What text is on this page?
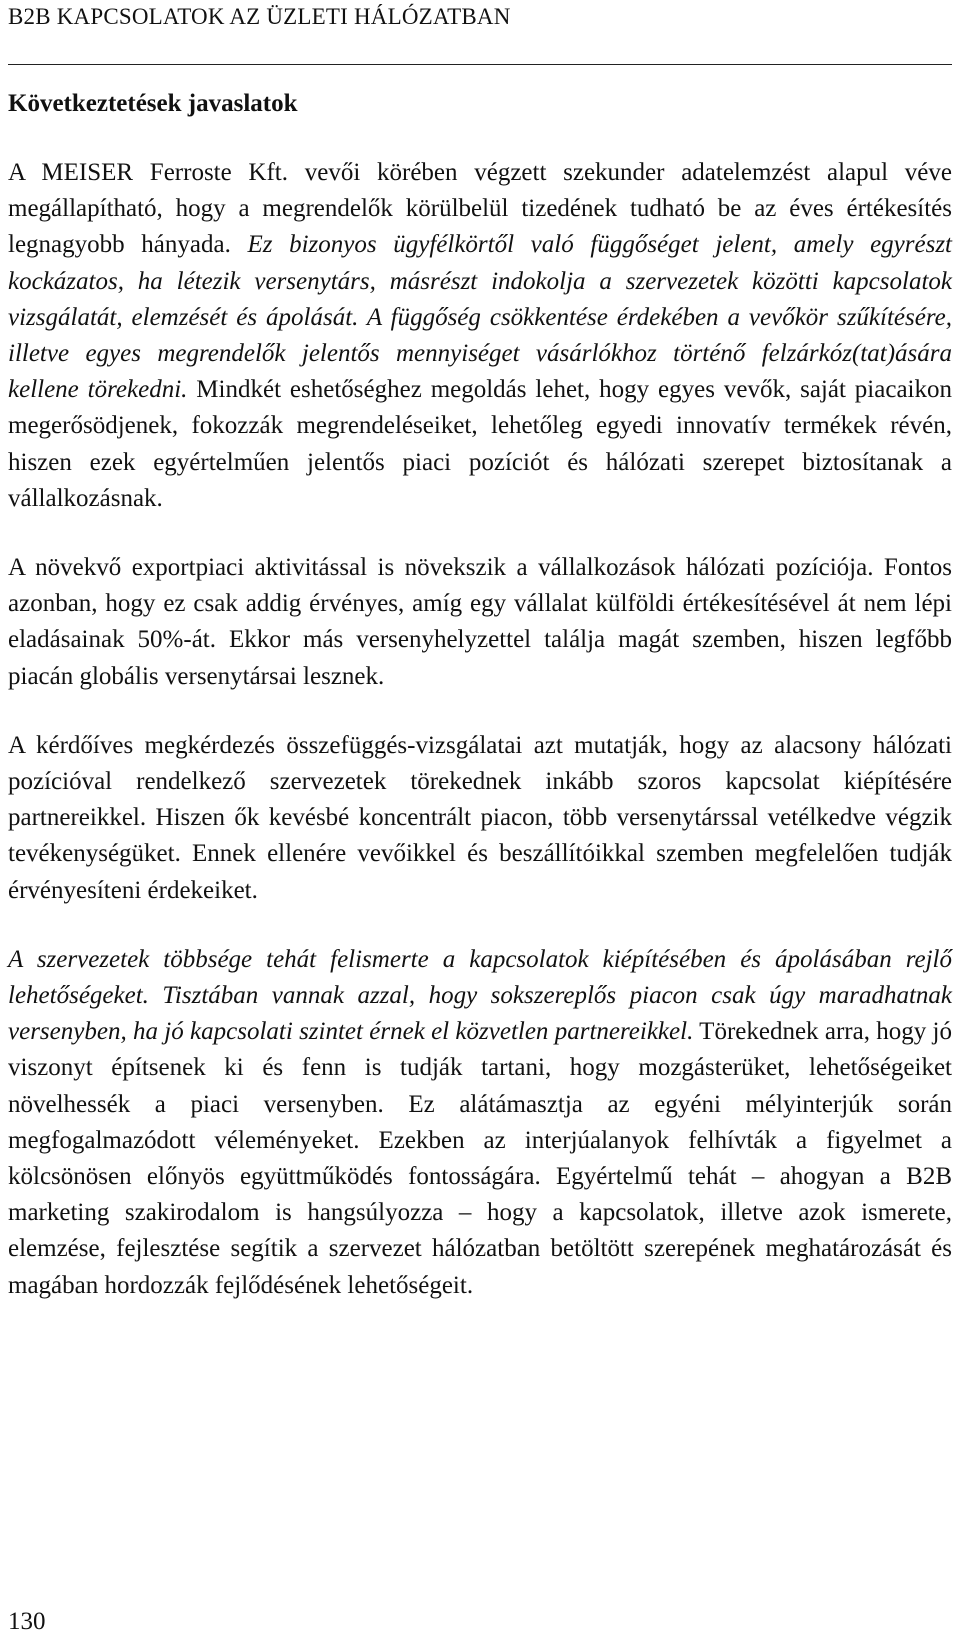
B2B KAPCSOLATOK AZ ÜZLETI HÁLÓZATBAN
Következtetések javaslatok

A MEISER Ferroste Kft. vevői körében végzett szekunder adatelemzést alapul véve megállapítható, hogy a megrendelők körülbelül tizedének tudható be az éves értékesítés legnagyobb hányada. Ez bizonyos ügyfélkörtől való függőséget jelent, amely egyrészt kockázatos, ha létezik versenytárs, másrészt indokolja a szervezetek közötti kapcsolatok vizsgálatát, elemzését és ápolását. A függőség csökkentése érdekében a vevőkör szűkítésére, illetve egyes megrendelők jelentős mennyiséget vásárlókhoz történő felzárkóz(tat)ására kellene törekedni. Mindkét eshetőséghez megoldás lehet, hogy egyes vevők, saját piacaikon megerősödjenek, fokozzák megrendeléseiket, lehetőleg egyedi innovatív termékek révén, hiszen ezek egyértelműen jelentős piaci pozíciót és hálózati szerepet biztosítanak a vállalkozásnak.

A növekvő exportpiaci aktivitással is növekszik a vállalkozások hálózati pozíciója. Fontos azonban, hogy ez csak addig érvényes, amíg egy vállalat külföldi értékesítésével át nem lépi eladásainak 50%-át. Ekkor más versenyhelyzettel találja magát szemben, hiszen legfőbb piacán globális versenytársai lesznek.

A kérdőíves megkérdezés összefüggés-vizsgálatai azt mutatják, hogy az alacsony hálózati pozícióval rendelkező szervezetek törekednek inkább szoros kapcsolat kiépítésére partnereikkel. Hiszen ők kevésbé koncentrált piacon, több versenytárssal vetélkedve végzik tevékenységüket. Ennek ellenére vevőikkel és beszállítóikkal szemben megfelelően tudják érvényesíteni érdekeiket.

A szervezetek többsége tehát felismerte a kapcsolatok kiépítésében és ápolásában rejlő lehetőségeket. Tisztában vannak azzal, hogy sokszereplős piacon csak úgy maradhatnak versenyben, ha jó kapcsolati szintet érnek el közvetlen partnereikkel. Törekednek arra, hogy jó viszonyt építsenek ki és fenn is tudják tartani, hogy mozgásterüket, lehetőségeiket növelhessék a piaci versenyben. Ez alátámasztja az egyéni mélyinterjúk során megfogalmazódott véleményeket. Ezekben az interjúalanyok felhívták a figyelmet a kölcsönösen előnyös együttműködés fontosságára. Egyértelmű tehát – ahogyan a B2B marketing szakirodalom is hangsúlyozza – hogy a kapcsolatok, illetve azok ismerete, elemzése, fejlesztése segítik a szervezet hálózatban betöltött szerepének meghatározását és magában hordozzák fejlődésének lehetőségeit.

130
